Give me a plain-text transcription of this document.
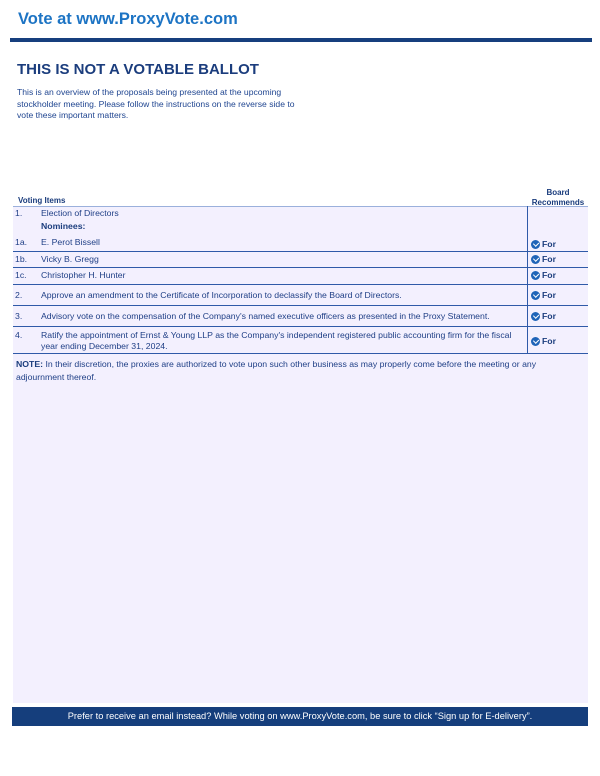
Vote at www.ProxyVote.com
THIS IS NOT A VOTABLE BALLOT
This is an overview of the proposals being presented at the upcoming stockholder meeting. Please follow the instructions on the reverse side to vote these important matters.
Voting Items
Board Recommends
1. Election of Directors
Nominees:
1a. E. Perot Bissell	For
1b. Vicky B. Gregg	For
1c. Christopher H. Hunter	For
2. Approve an amendment to the Certificate of Incorporation to declassify the Board of Directors.	For
3. Advisory vote on the compensation of the Company's named executive officers as presented in the Proxy Statement.	For
4. Ratify the appointment of Ernst & Young LLP as the Company's independent registered public accounting firm for the fiscal year ending December 31, 2024.	For
NOTE: In their discretion, the proxies are authorized to vote upon such other business as may properly come before the meeting or any adjournment thereof.
Prefer to receive an email instead? While voting on www.ProxyVote.com, be sure to click “Sign up for E-delivery”.
